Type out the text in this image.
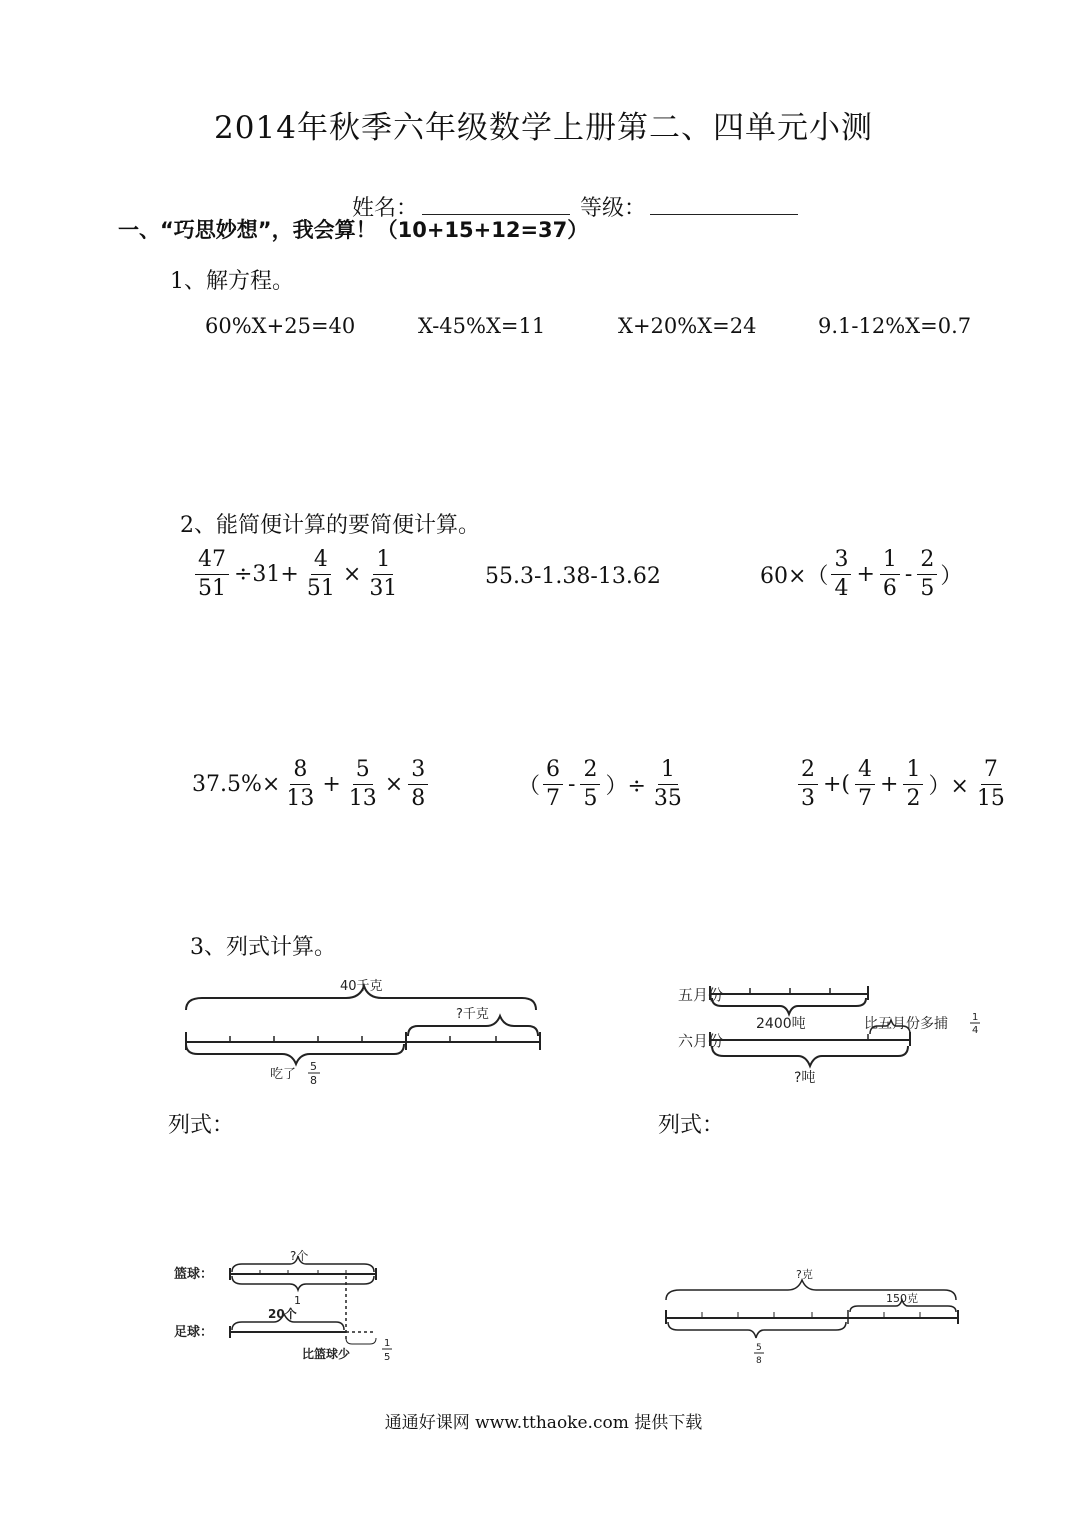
2014年秋季六年级数学上册第二、四单元小测

姓名：	等级：

一、“巧思妙想”，我会算！（10+15+12=37）
1、解方程。
60%X+25=40	X-45%X=11	X+20%X=24	9.1-12%X=0.7
2、能简便计算的要简便计算。
$\frac{47}{51} \div 31+ \frac{4}{51} \times \frac{1}{31}$	55.3-1.38-13.62	$60\times( \frac{3}{4} + \frac{1}{6} - \frac{2}{5}$ ）
$37.5\%\times \frac{8}{13} + \frac{5}{13} \times \frac{3}{8}$	（ $\frac{6}{7} - \frac{2}{5}$ ）÷ $\frac{1}{35}$	$\frac{2}{3}$ +( $\frac{4}{7} + \frac{1}{2}$ ）× $\frac{7}{15}$
3、列式计算。
40千克
?千克
吃了
5
8
五月份
六月份
2400吨	比五月份多捕 1
4
?吨
列式：	列式：
篮球：
足球：
?个
1
20个
比篮球少
1
5
?克
150克
5
8
通通好课网 www.tthaoke.com 提供下载
